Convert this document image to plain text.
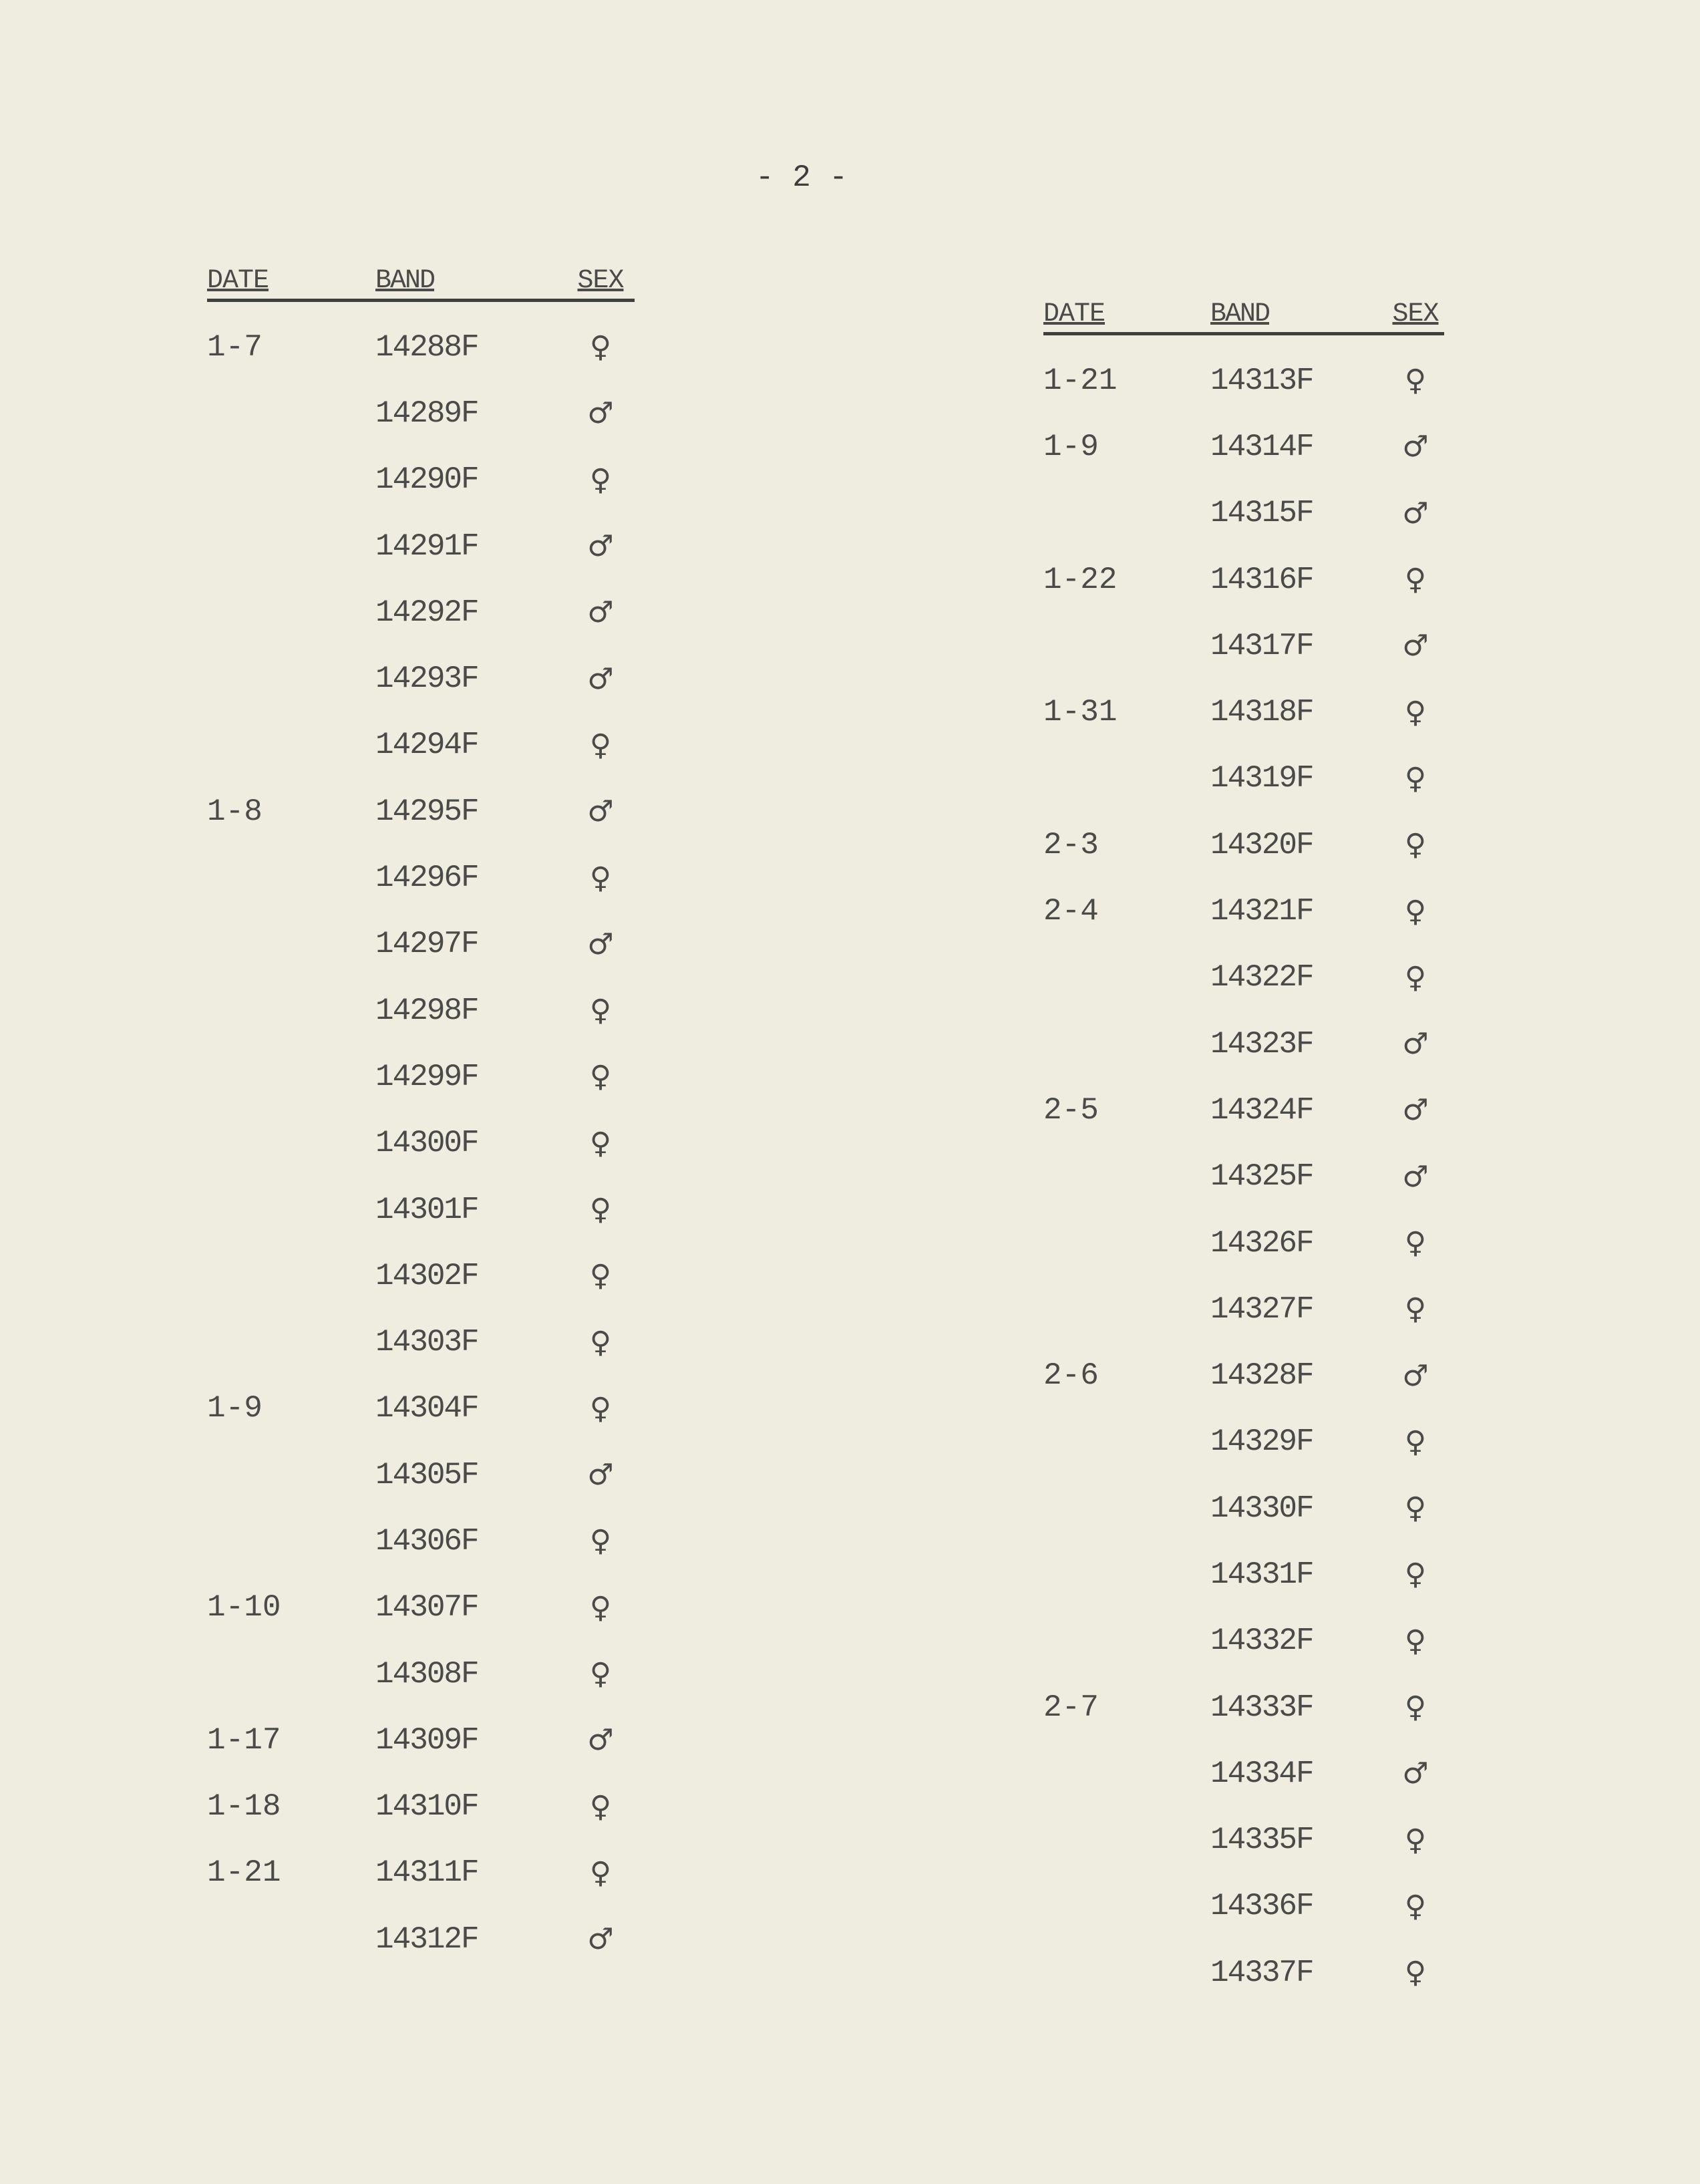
- 2 -
DATE	BAND	SEX
1-7	14288F	♀
14289F	♂
14290F	♀
14291F	♂
14292F	♂
14293F	♂
14294F	♀
1-8	14295F	♂
14296F	♀
14297F	♂
14298F	♀
14299F	♀
14300F	♀
14301F	♀
14302F	♀
14303F	♀
1-9	14304F	♀
14305F	♂
14306F	♀
1-10	14307F	♀
14308F	♀
1-17	14309F	♂
1-18	14310F	♀
1-21	14311F	♀
14312F	♂
DATE	BAND	SEX
1-21	14313F	♀
1-9	14314F	♂
14315F	♂
1-22	14316F	♀
14317F	♂
1-31	14318F	♀
14319F	♀
2-3	14320F	♀
2-4	14321F	♀
14322F	♀
14323F	♂
2-5	14324F	♂
14325F	♂
14326F	♀
14327F	♀
2-6	14328F	♂
14329F	♀
14330F	♀
14331F	♀
14332F	♀
2-7	14333F	♀
14334F	♂
14335F	♀
14336F	♀
14337F	♀
